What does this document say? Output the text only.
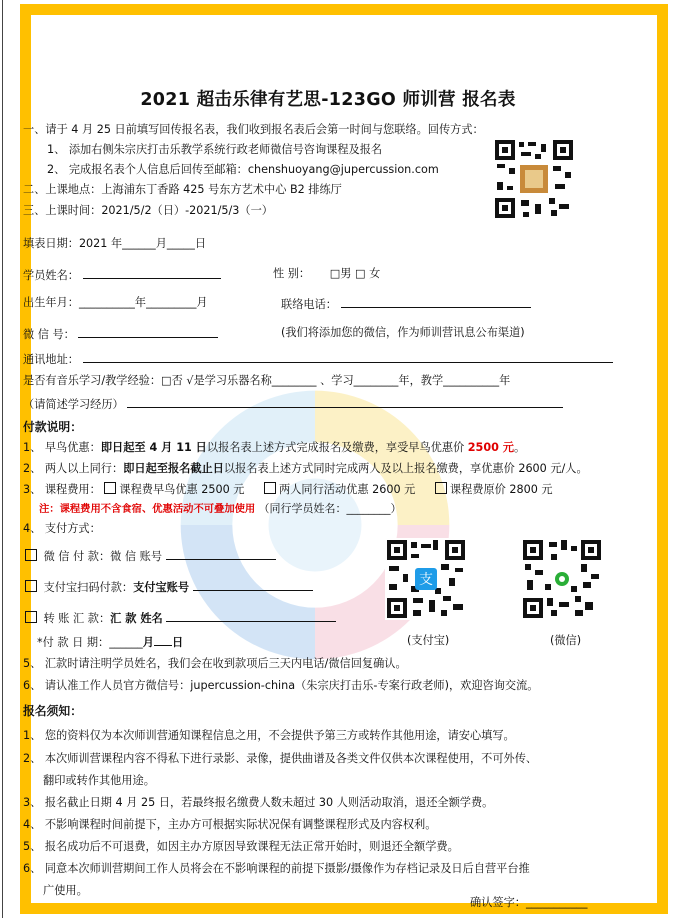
2021 超击乐律有艺思-123GO 师训营 报名表
一、请于 4 月 25 日前填写回传报名表，我们收到报名表后会第一时间与您联络。回传方式：
1、 添加右侧朱宗庆打击乐教学系统行政老师微信号咨询课程及报名
2、 完成报名表个人信息后回传至邮箱：chenshuoyang@jupercussion.com
二、上课地点：上海浦东丁香路 425 号东方艺术中心 B2 排练厅
三、上课时间：2021/5/2（日）-2021/5/3（一）
填表日期：2021 年______月_____日
学员姓名：	性 别： □男 □ 女
出生年月：__________年_________月	联络电话：
微 信 号：	(我们将添加您的微信，作为师训营讯息公布渠道)
通讯地址：
是否有音乐学习/教学经验：□否 √是学习乐器名称________ 、学习________年，教学__________年
（请简述学习经历）
付款说明：
1、 早鸟优惠：即日起至 4 月 11 日以报名表上述方式完成报名及缴费，享受早鸟优惠价 2500 元。
2、 两人以上同行：即日起至报名截止日以报名表上述方式同时完成两人及以上报名缴费，享优惠价 2600 元/人。
3、 课程费用： 课程费早鸟优惠 2500 元	两人同行活动优惠 2600 元	课程费原价 2800 元
注：课程费用不含食宿、优惠活动不可叠加使用 （同行学员姓名：________）
4、 支付方式：
微 信 付 款：微 信 账号
支付宝扫码付款：支付宝账号
转 账 汇 款：汇 款 姓名
*付 款 日 期：______月 日
支
(支付宝)	(微信)
5、 汇款时请注明学员姓名，我们会在收到款项后三天内电话/微信回复确认。
6、 请认准工作人员官方微信号：jupercussion-china（朱宗庆打击乐-专案行政老师)，欢迎咨询交流。
报名须知：
1、 您的资料仅为本次师训营通知课程信息之用，不会提供予第三方或转作其他用途，请安心填写。
2、 本次师训营课程内容不得私下进行录影、录像，提供曲谱及各类文件仅供本次课程使用，不可外传、
翻印或转作其他用途。
3、 报名截止日期 4 月 25 日，若最终报名缴费人数未超过 30 人则活动取消，退还全额学费。
4、 不影响课程时间前提下，主办方可根据实际状况保有调整课程形式及内容权利。
5、 报名成功后不可退费，如因主办方原因导致课程无法正常开始时，则退还全额学费。
6、 同意本次师训营期间工作人员将会在不影响课程的前提下摄影/摄像作为存档记录及日后自营平台推
广使用。
确认签字：___________
